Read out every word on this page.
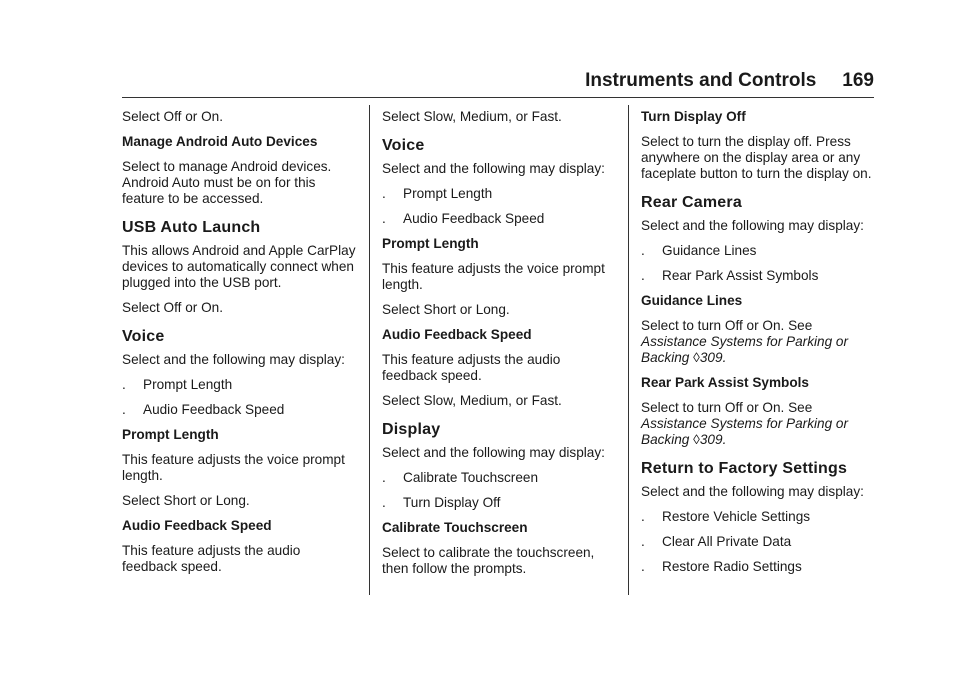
Instruments and Controls 169
Select Off or On.
Manage Android Auto Devices
Select to manage Android devices. Android Auto must be on for this feature to be accessed.
USB Auto Launch
This allows Android and Apple CarPlay devices to automatically connect when plugged into the USB port.
Select Off or On.
Voice
Select and the following may display:
.	Prompt Length
.	Audio Feedback Speed
Prompt Length
This feature adjusts the voice prompt length.
Select Short or Long.
Audio Feedback Speed
This feature adjusts the audio feedback speed.
Select Slow, Medium, or Fast.
Voice
Select and the following may display:
.	Prompt Length
.	Audio Feedback Speed
Prompt Length
This feature adjusts the voice prompt length.
Select Short or Long.
Audio Feedback Speed
This feature adjusts the audio feedback speed.
Select Slow, Medium, or Fast.
Display
Select and the following may display:
.	Calibrate Touchscreen
.	Turn Display Off
Calibrate Touchscreen
Select to calibrate the touchscreen, then follow the prompts.
Turn Display Off
Select to turn the display off. Press anywhere on the display area or any faceplate button to turn the display on.
Rear Camera
Select and the following may display:
.	Guidance Lines
.	Rear Park Assist Symbols
Guidance Lines
Select to turn Off or On. See
Assistance Systems for Parking or Backing ◊309.
Rear Park Assist Symbols
Select to turn Off or On. See
Assistance Systems for Parking or Backing ◊309.
Return to Factory Settings
Select and the following may display:
.	Restore Vehicle Settings
.	Clear All Private Data
.	Restore Radio Settings
